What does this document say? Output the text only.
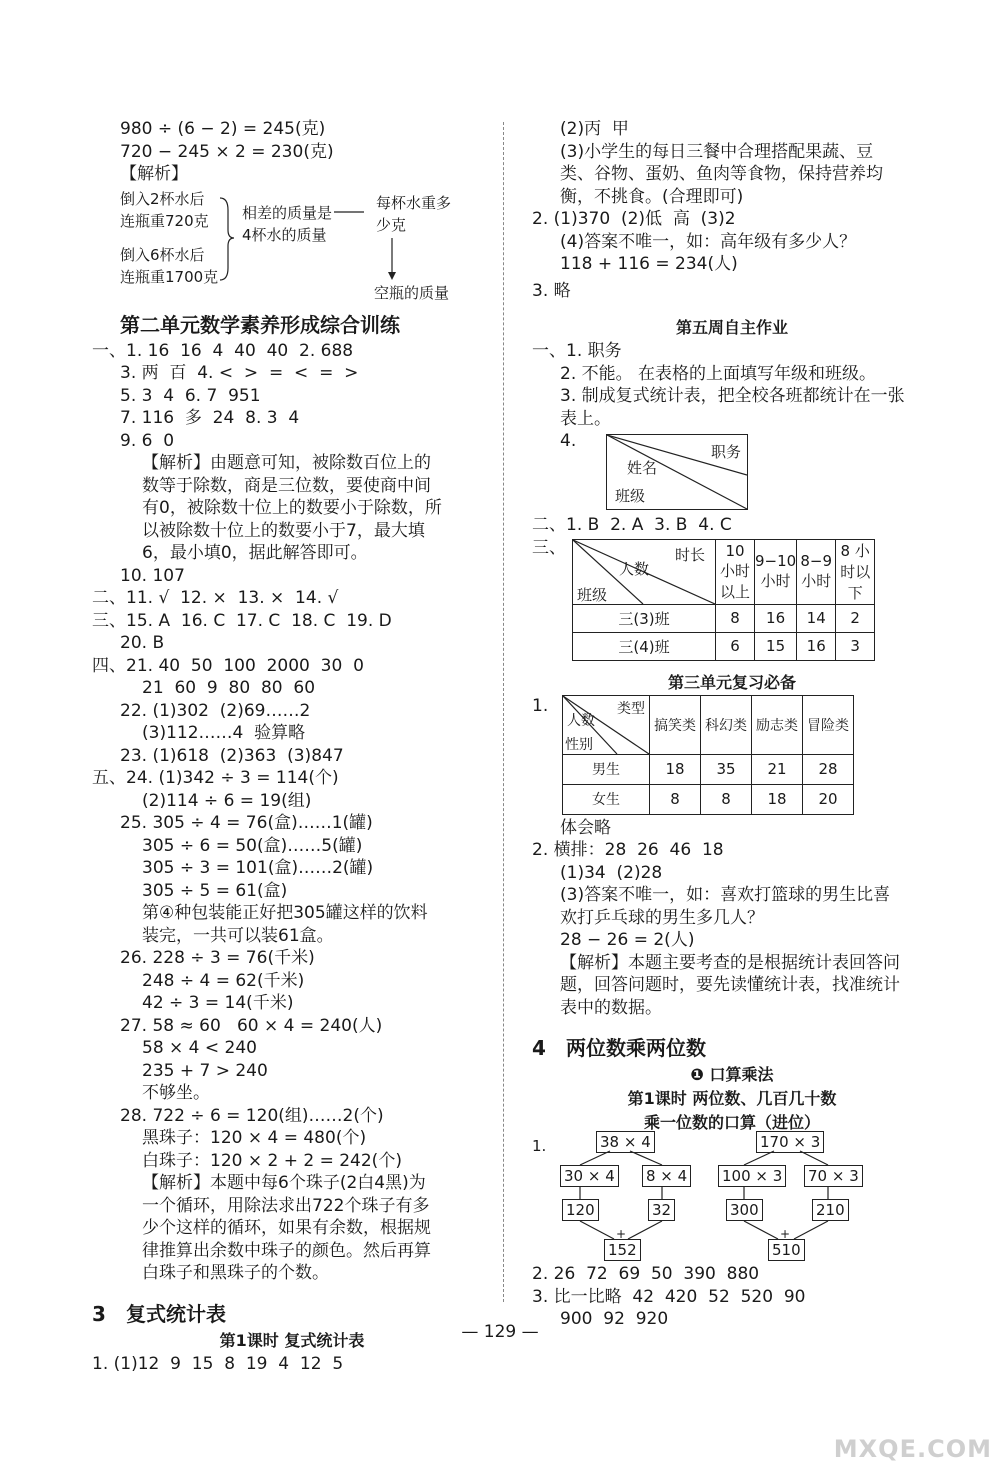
980 ÷ (6 − 2) = 245(克)
720 − 245 × 2 = 230(克)
【解析】
倒入2杯水后
连瓶重720克
倒入6杯水后
连瓶重1700克
相差的质量是
4杯水的质量
每杯水重多
少克
空瓶的质量
第二单元数学素养形成综合训练
一、1. 16  16  4  40  40  2. 688
3. 两  百  4. <  >  =  <  =  >
5. 3  4  6. 7  951
7. 116  多  24  8. 3  4
9. 6  0
【解析】由题意可知，被除数百位上的数等于除数，商是三位数，要使商中间有0，被除数十位上的数要小于除数，所以被除数十位上的数要小于7，最大填6，最小填0，据此解答即可。
10. 107
二、11. √  12. ×  13. ×  14. √
三、15. A  16. C  17. C  18. C  19. D
20. B
四、21. 40  50  100  2000  30  0
21  60  9  80  80  60
22. (1)302  (2)69……2
(3)112……4  验算略
23. (1)618  (2)363  (3)847
五、24. (1)342 ÷ 3 = 114(个)
(2)114 ÷ 6 = 19(组)
25. 305 ÷ 4 = 76(盒)……1(罐)
305 ÷ 6 = 50(盒)……5(罐)
305 ÷ 3 = 101(盒)……2(罐)
305 ÷ 5 = 61(盒)
第④种包装能正好把305罐这样的饮料装完，一共可以装61盒。
26. 228 ÷ 3 = 76(千米)
248 ÷ 4 = 62(千米)
42 ÷ 3 = 14(千米)
27. 58 ≈ 60   60 × 4 = 240(人)
58 × 4 < 240
235 + 7 > 240
不够坐。
28. 722 ÷ 6 = 120(组)……2(个)
黑珠子：120 × 4 = 480(个)
白珠子：120 × 2 + 2 = 242(个)
【解析】本题中每6个珠子(2白4黑)为一个循环，用除法求出722个珠子有多少个这样的循环，如果有余数，根据规律推算出余数中珠子的颜色。然后再算白珠子和黑珠子的个数。
3 复式统计表
第1课时 复式统计表
1. (1)12  9  15  8  19  4  12  5
(2)丙  甲
(3)小学生的每日三餐中合理搭配果蔬、豆类、谷物、蛋奶、鱼肉等食物，保持营养均衡，不挑食。(合理即可)
2. (1)370  (2)低  高  (3)2
(4)答案不唯一，如：高年级有多少人？
118 + 116 = 234(人)
3. 略
第五周自主作业
一、1. 职务
2. 不能。 在表格的上面填写年级和班级。
3. 制成复式统计表，把全校各班都统计在一张表上。
4.
职务
姓名
班级
二、1. B  2. A  3. B  4. C
三、	时长
人数
班级	10 小时以上	9−10 小时	8−9 小时	8 小时以下
三(3)班	8	16	14	2
三(4)班	6	15	16	3
第三单元复习必备
1.	类型
人数
性别	搞笑类	科幻类	励志类	冒险类
男生	18	35	21	28
女生	8	8	18	20
体会略
2. 横排：28  26  46  18
(1)34  (2)28
(3)答案不唯一，如：喜欢打篮球的男生比喜欢打乒乓球的男生多几人？
28 − 26 = 2(人)
【解析】本题主要考查的是根据统计表回答问题，回答问题时，要先读懂统计表，找准统计表中的数据。
4 两位数乘两位数
❶ 口算乘法
第1课时 两位数、几百几十数
乘一位数的口算（进位）
1.	38 × 4
30 × 4 8 × 4
120	32
+
152
170 × 3
100 × 3 70 × 3
300	210
+
510
2. 26  72  69  50  390  880
3. 比一比略  42  420  52  520  90
900  92  920
— 129 —
MXQE.COM
